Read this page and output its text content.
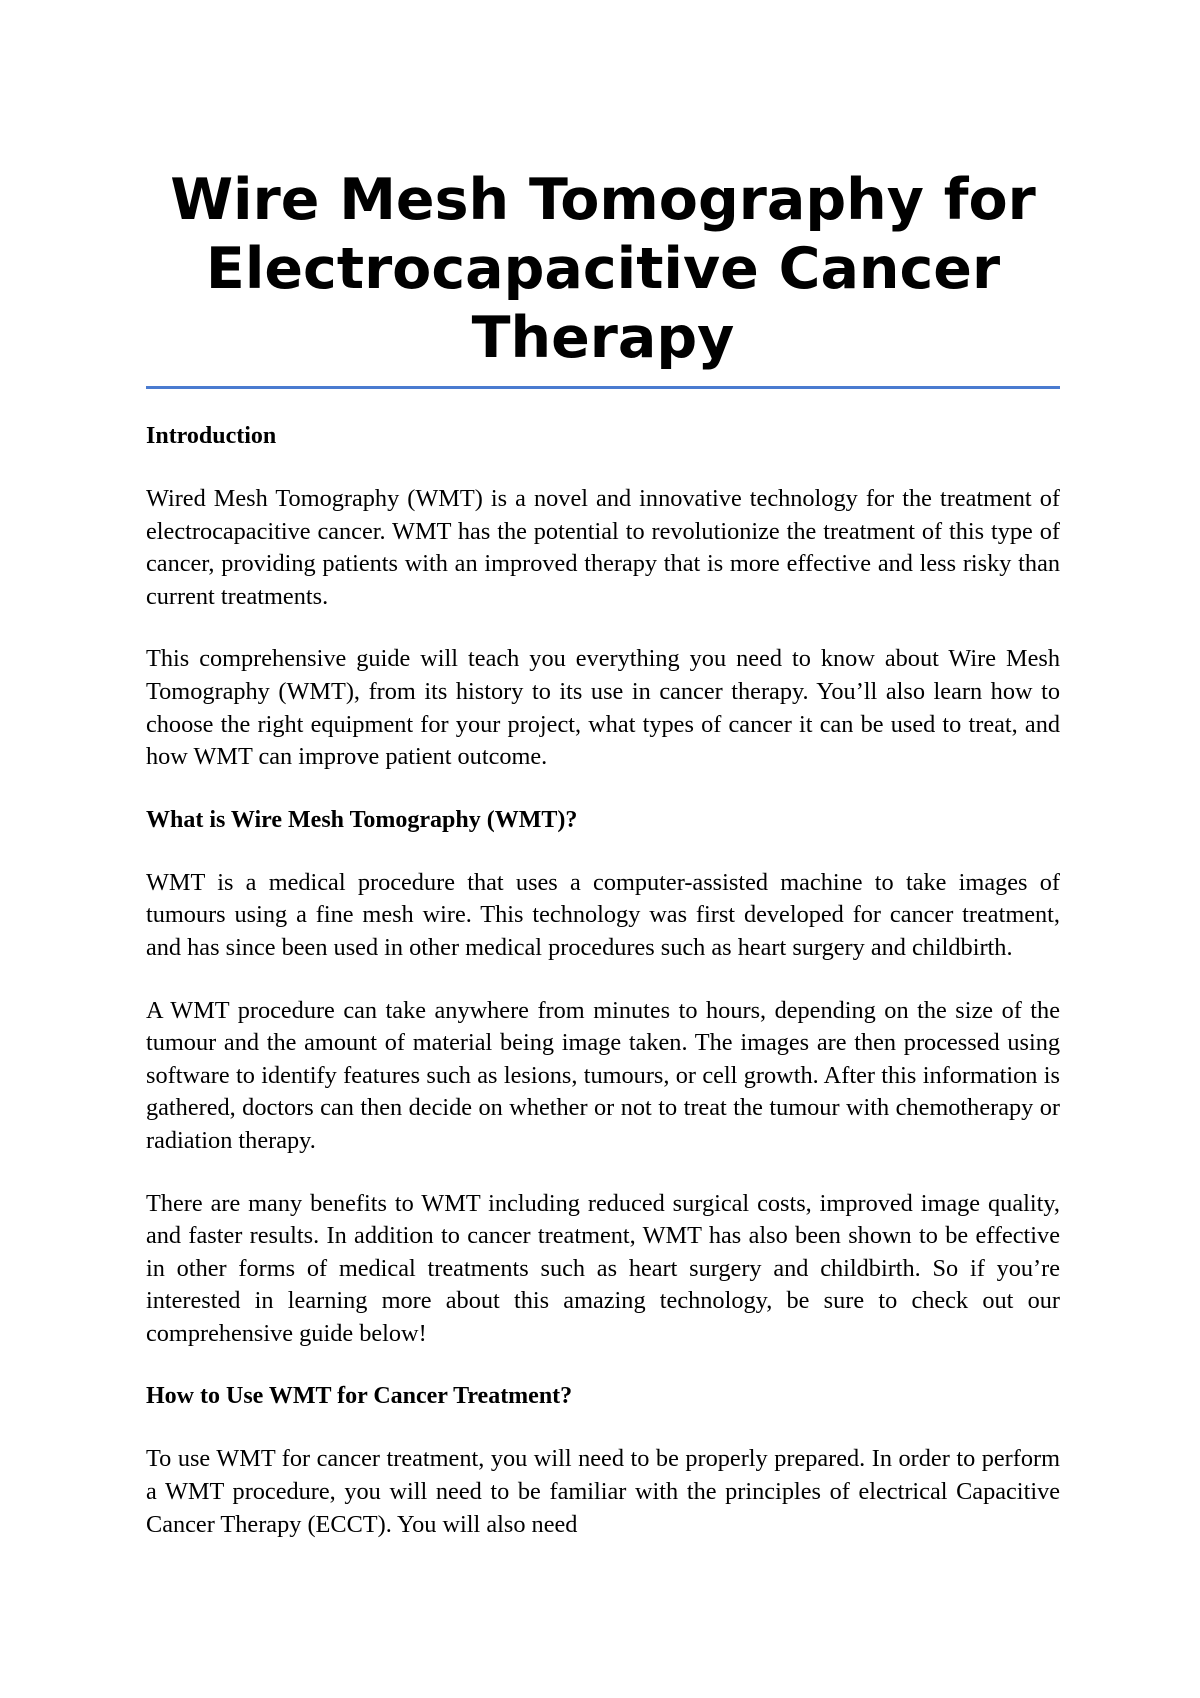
Wire Mesh Tomography for Electrocapacitive Cancer Therapy
Introduction

Wired Mesh Tomography (WMT) is a novel and innovative technology for the treatment of electrocapacitive cancer. WMT has the potential to revolutionize the treatment of this type of cancer, providing patients with an improved therapy that is more effective and less risky than current treatments.

This comprehensive guide will teach you everything you need to know about Wire Mesh Tomography (WMT), from its history to its use in cancer therapy. You’ll also learn how to choose the right equipment for your project, what types of cancer it can be used to treat, and how WMT can improve patient outcome.

What is Wire Mesh Tomography (WMT)?

WMT is a medical procedure that uses a computer-assisted machine to take images of tumours using a fine mesh wire. This technology was first developed for cancer treatment, and has since been used in other medical procedures such as heart surgery and childbirth.

A WMT procedure can take anywhere from minutes to hours, depending on the size of the tumour and the amount of material being image taken. The images are then processed using software to identify features such as lesions, tumours, or cell growth. After this information is gathered, doctors can then decide on whether or not to treat the tumour with chemotherapy or radiation therapy.

There are many benefits to WMT including reduced surgical costs, improved image quality, and faster results. In addition to cancer treatment, WMT has also been shown to be effective in other forms of medical treatments such as heart surgery and childbirth. So if you’re interested in learning more about this amazing technology, be sure to check out our comprehensive guide below!

How to Use WMT for Cancer Treatment?

To use WMT for cancer treatment, you will need to be properly prepared. In order to perform a WMT procedure, you will need to be familiar with the principles of electrical Capacitive Cancer Therapy (ECCT). You will also need
